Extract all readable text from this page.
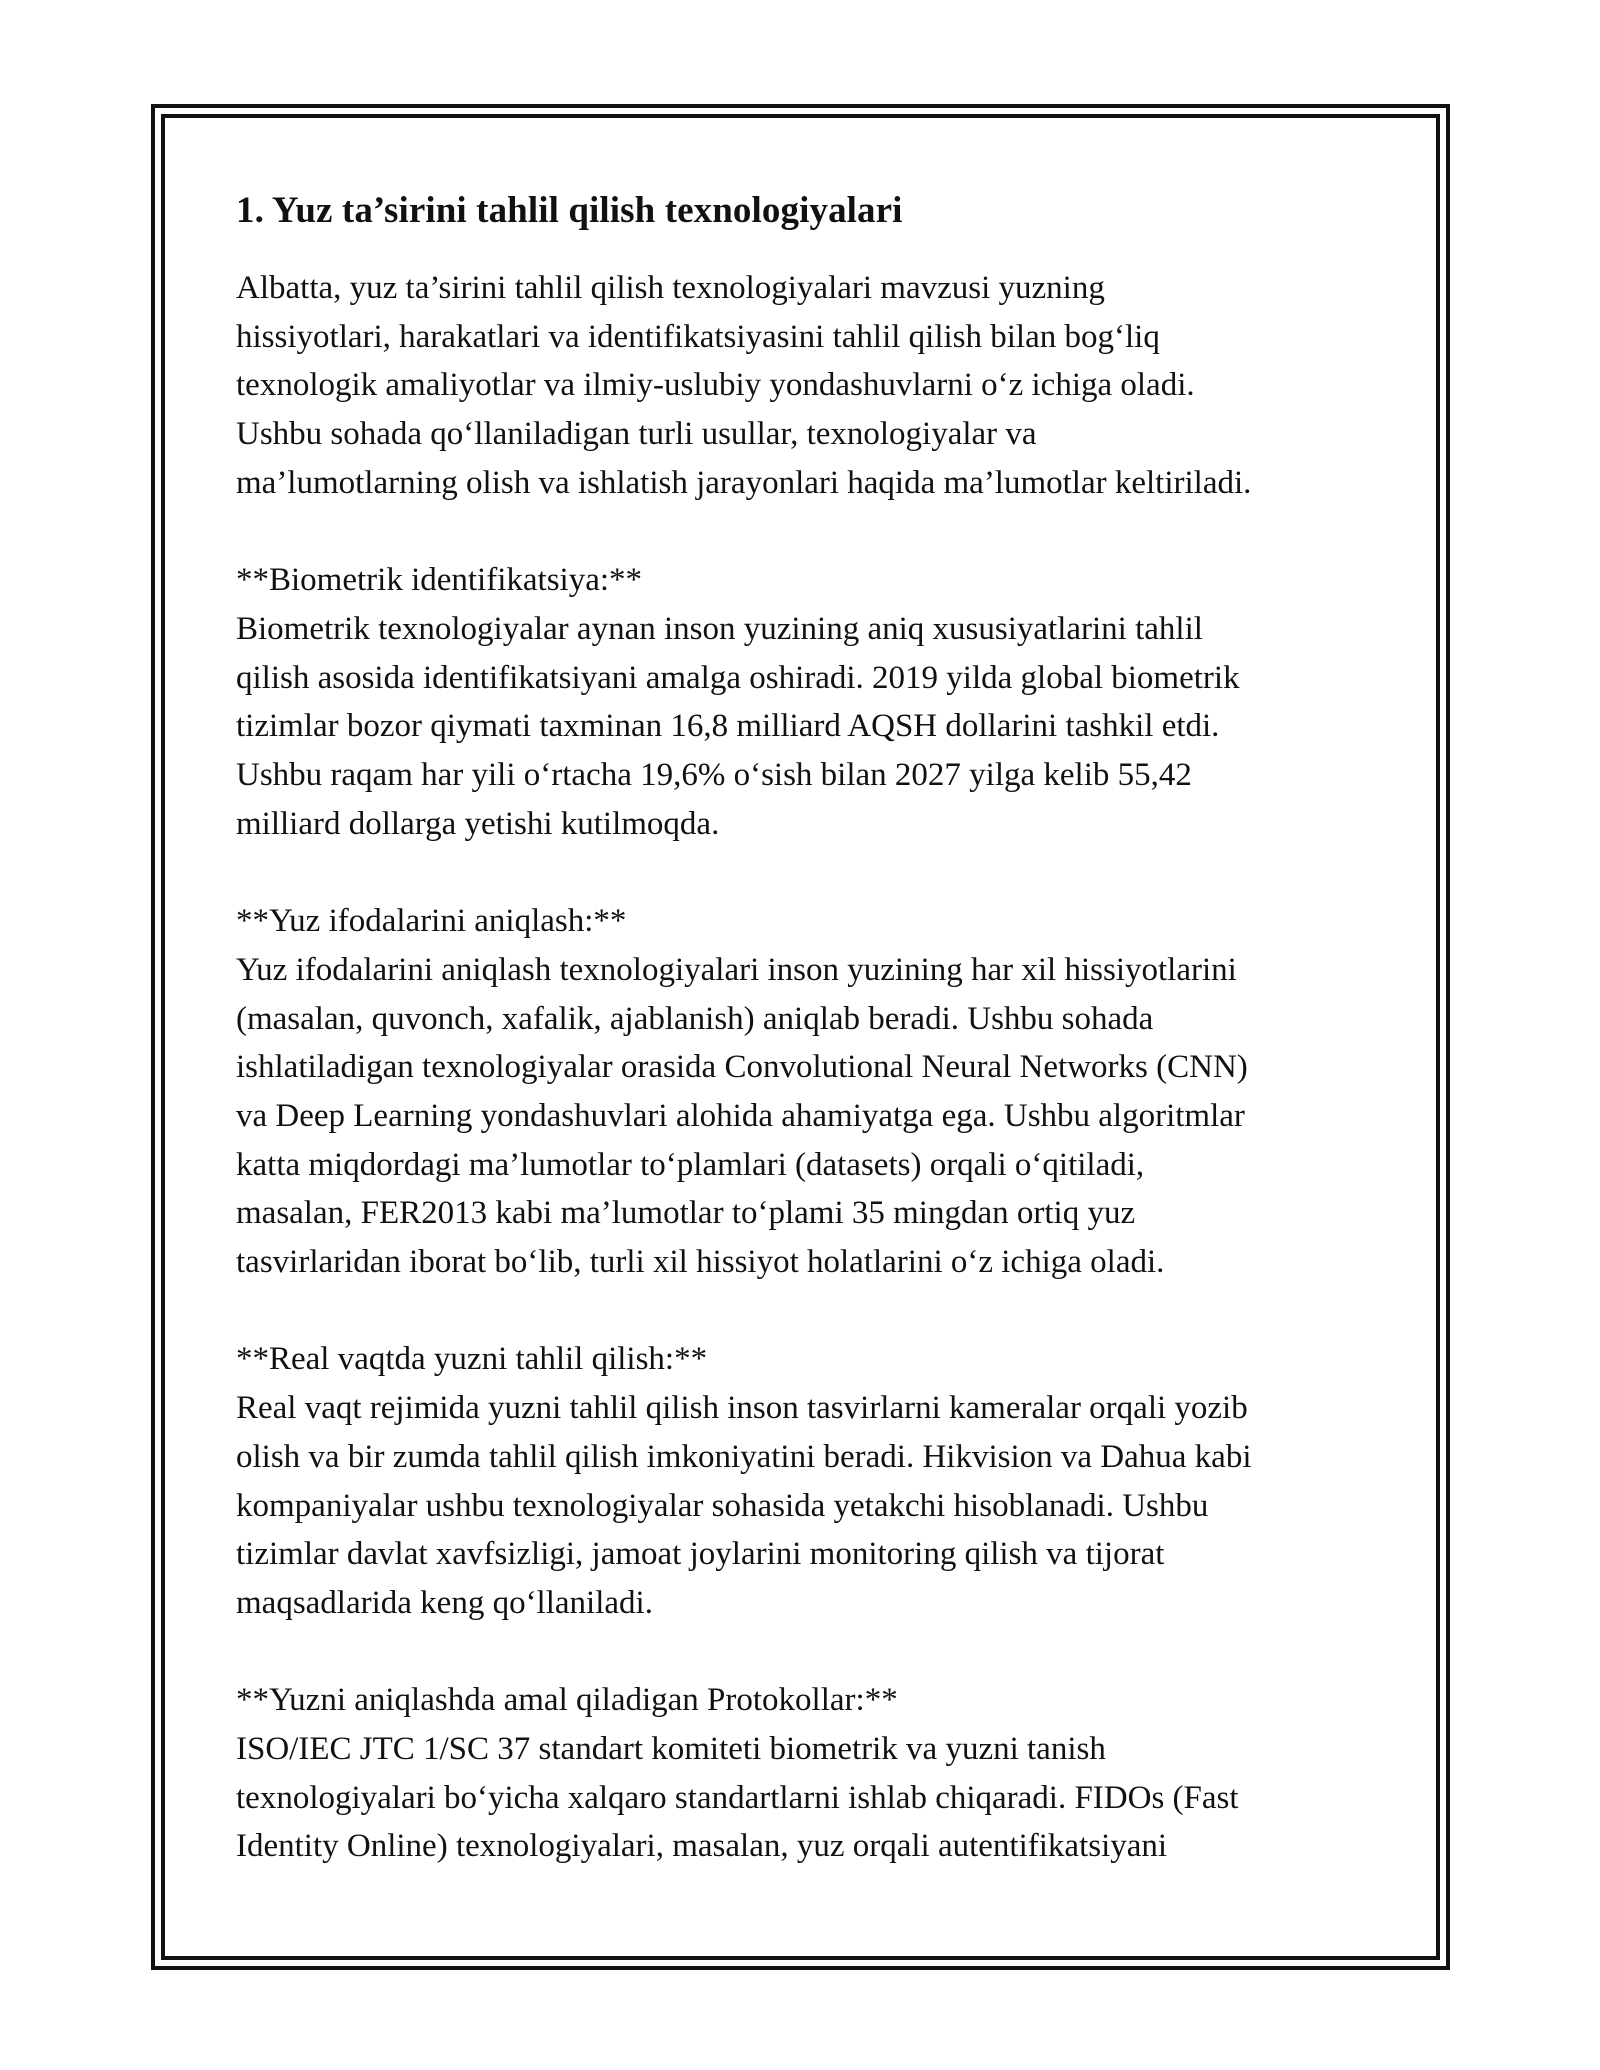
1. Yuz ta’sirini tahlil qilish texnologiyalari

Albatta, yuz ta’sirini tahlil qilish texnologiyalari mavzusi yuzning
hissiyotlari, harakatlari va identifikatsiyasini tahlil qilish bilan bog‘liq
texnologik amaliyotlar va ilmiy-uslubiy yondashuvlarni o‘z ichiga oladi.
Ushbu sohada qo‘llaniladigan turli usullar, texnologiyalar va
ma’lumotlarning olish va ishlatish jarayonlari haqida ma’lumotlar keltiriladi.

**Biometrik identifikatsiya:**
Biometrik texnologiyalar aynan inson yuzining aniq xususiyatlarini tahlil
qilish asosida identifikatsiyani amalga oshiradi. 2019 yilda global biometrik
tizimlar bozor qiymati taxminan 16,8 milliard AQSH dollarini tashkil etdi.
Ushbu raqam har yili o‘rtacha 19,6% o‘sish bilan 2027 yilga kelib 55,42
milliard dollarga yetishi kutilmoqda.

**Yuz ifodalarini aniqlash:**
Yuz ifodalarini aniqlash texnologiyalari inson yuzining har xil hissiyotlarini
(masalan, quvonch, xafalik, ajablanish) aniqlab beradi. Ushbu sohada
ishlatiladigan texnologiyalar orasida Convolutional Neural Networks (CNN)
va Deep Learning yondashuvlari alohida ahamiyatga ega. Ushbu algoritmlar
katta miqdordagi ma’lumotlar to‘plamlari (datasets) orqali o‘qitiladi,
masalan, FER2013 kabi ma’lumotlar to‘plami 35 mingdan ortiq yuz
tasvirlaridan iborat bo‘lib, turli xil hissiyot holatlarini o‘z ichiga oladi.

**Real vaqtda yuzni tahlil qilish:**
Real vaqt rejimida yuzni tahlil qilish inson tasvirlarni kameralar orqali yozib
olish va bir zumda tahlil qilish imkoniyatini beradi. Hikvision va Dahua kabi
kompaniyalar ushbu texnologiyalar sohasida yetakchi hisoblanadi. Ushbu
tizimlar davlat xavfsizligi, jamoat joylarini monitoring qilish va tijorat
maqsadlarida keng qo‘llaniladi.

**Yuzni aniqlashda amal qiladigan Protokollar:**
ISO/IEC JTC 1/SC 37 standart komiteti biometrik va yuzni tanish
texnologiyalari bo‘yicha xalqaro standartlarni ishlab chiqaradi. FIDOs (Fast
Identity Online) texnologiyalari, masalan, yuz orqali autentifikatsiyani
